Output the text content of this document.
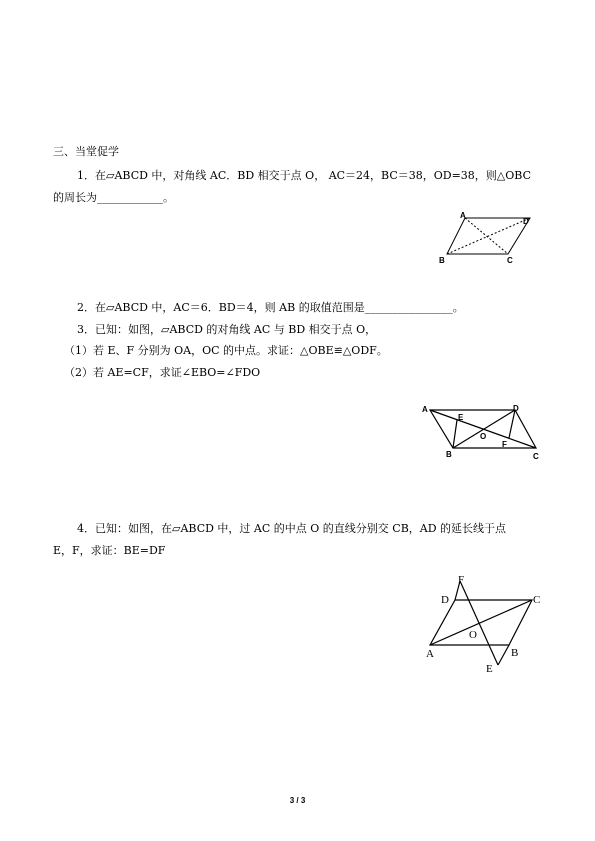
三、当堂促学
1．在▱ABCD 中，对角线 AC．BD 相交于点 O， AC＝24，BC＝38，OD=38，则△OBC
的周长为____________。
A
D
B	C
2．在▱ABCD 中，AC＝6．BD＝4，则 AB 的取值范围是________________。
3．已知：如图，▱ABCD 的对角线 AC 与 BD 相交于点 O，
（1）若 E、F 分别为 OA，OC 的中点。求证：△OBE≌△ODF。
（2）若 AE=CF，求证∠EBO=∠FDO
A	D
E
O
F
B	C
4．已知：如图，在▱ABCD 中，过 AC 的中点 O 的直线分别交 CB，AD 的延长线于点
E，F，求证：BE=DF
F
D	C
O
A	B
E
3 / 3
